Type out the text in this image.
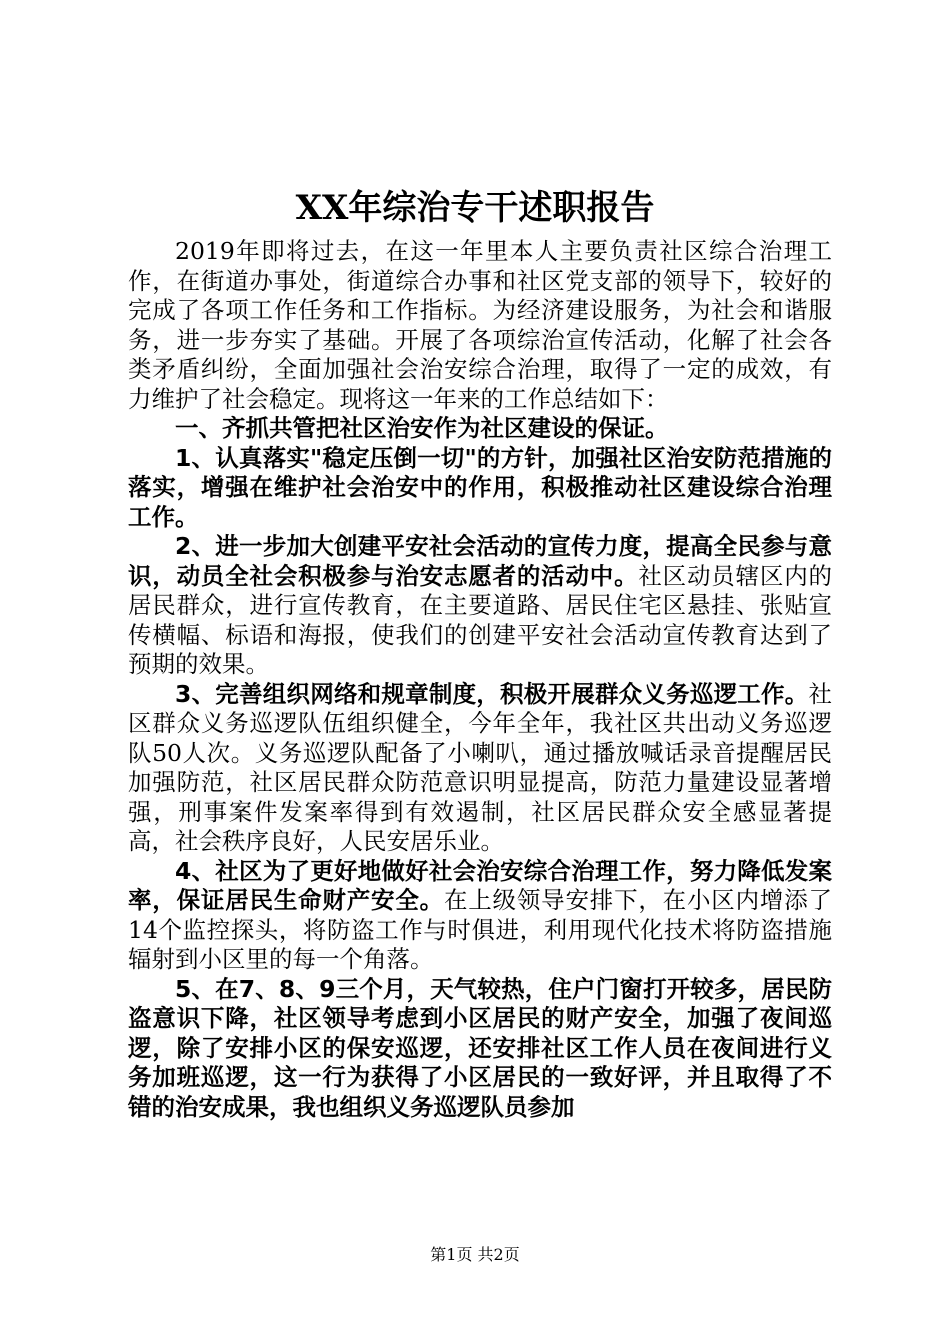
XX年综治专干述职报告

2019年即将过去，在这一年里本人主要负责社区综合治理工作，在街道办事处，街道综合办事和社区党支部的领导下，较好的完成了各项工作任务和工作指标。为经济建设服务，为社会和谐服务，进一步夯实了基础。开展了各项综治宣传活动，化解了社会各类矛盾纠纷，全面加强社会治安综合治理，取得了一定的成效，有力维护了社会稳定。现将这一年来的工作总结如下：

一、齐抓共管把社区治安作为社区建设的保证。

1、认真落实"稳定压倒一切"的方针，加强社区治安防范措施的落实，增强在维护社会治安中的作用，积极推动社区建设综合治理工作。

2、进一步加大创建平安社会活动的宣传力度，提高全民参与意识，动员全社会积极参与治安志愿者的活动中。社区动员辖区内的居民群众，进行宣传教育，在主要道路、居民住宅区悬挂、张贴宣传横幅、标语和海报，使我们的创建平安社会活动宣传教育达到了预期的效果。

3、完善组织网络和规章制度，积极开展群众义务巡逻工作。社区群众义务巡逻队伍组织健全，今年全年，我社区共出动义务巡逻队50人次。义务巡逻队配备了小喇叭，通过播放喊话录音提醒居民加强防范，社区居民群众防范意识明显提高，防范力量建设显著增强，刑事案件发案率得到有效遏制，社区居民群众安全感显著提高，社会秩序良好，人民安居乐业。

4、社区为了更好地做好社会治安综合治理工作，努力降低发案率，保证居民生命财产安全。在上级领导安排下，在小区内增添了14个监控探头，将防盗工作与时俱进，利用现代化技术将防盗措施辐射到小区里的每一个角落。

5、在7、8、9三个月，天气较热，住户门窗打开较多，居民防盗意识下降，社区领导考虑到小区居民的财产安全，加强了夜间巡逻，除了安排小区的保安巡逻，还安排社区工作人员在夜间进行义务加班巡逻，这一行为获得了小区居民的一致好评，并且取得了不错的治安成果，我也组织义务巡逻队员参加

第1页 共2页
